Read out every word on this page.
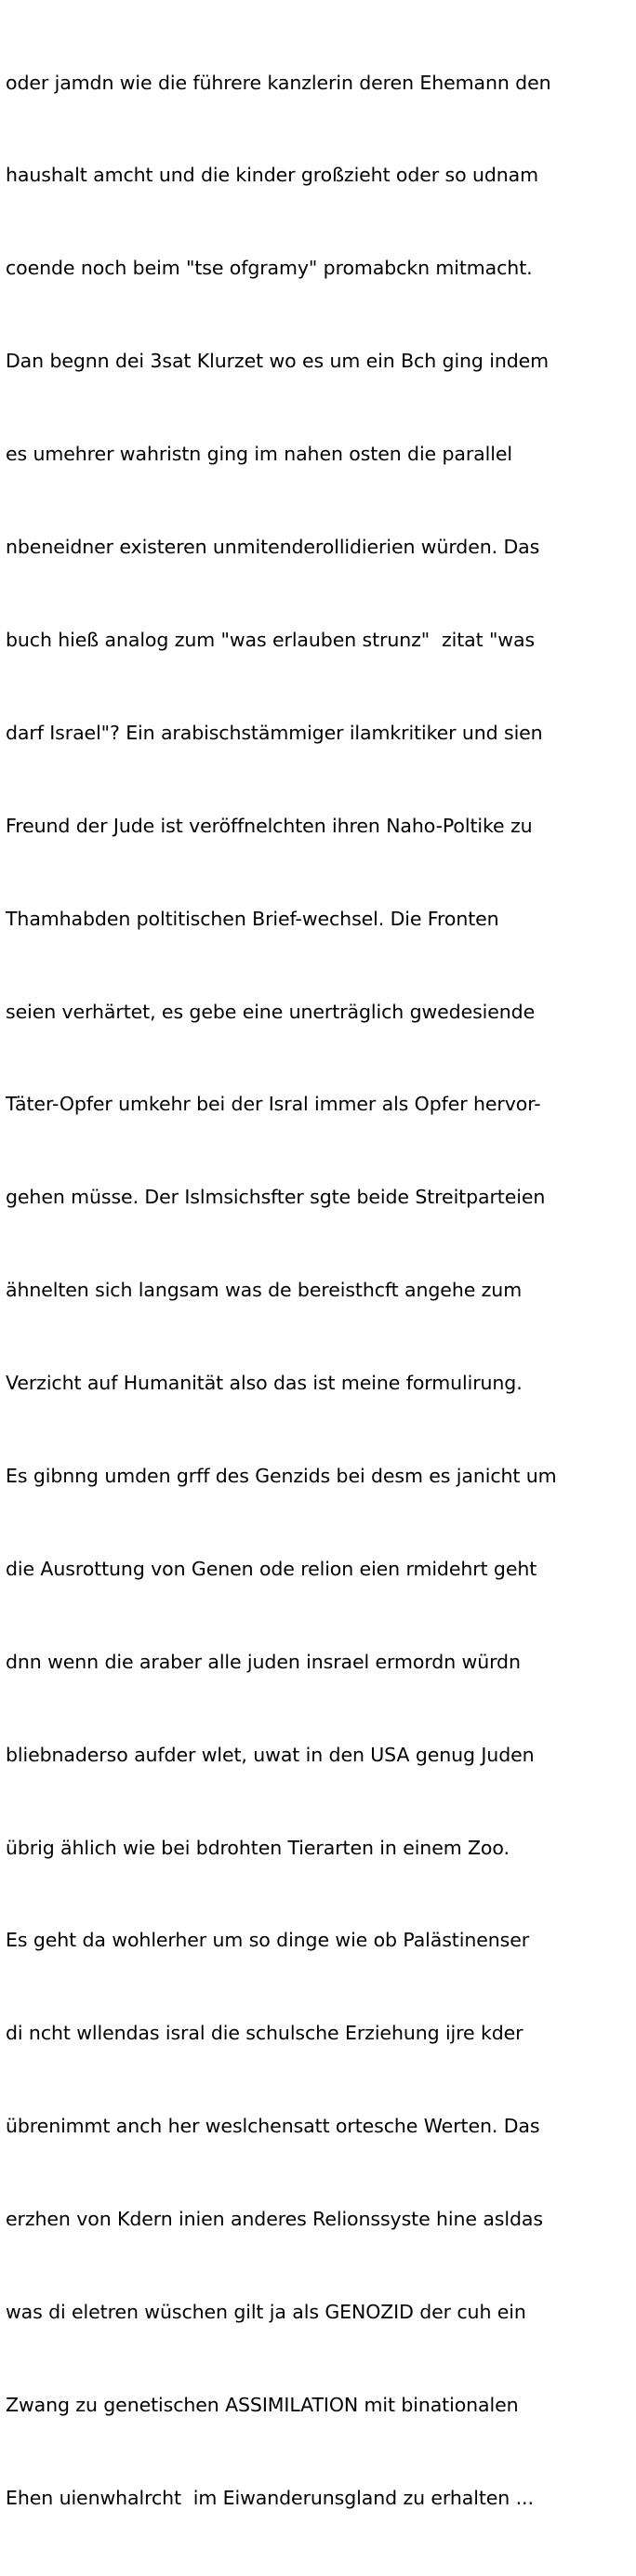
oder jamdn wie die führere kanzlerin deren Ehemann den

haushalt amcht und die kinder großzieht oder so udnam

coende noch beim "tse ofgramy" promabckn mitmacht.

Dan begnn dei 3sat Klurzet wo es um ein Bch ging indem

es umehrer wahristn ging im nahen osten die parallel

nbeneidner existeren unmitenderollidierien würden. Das

buch hieß analog zum "was erlauben strunz"  zitat "was

darf Israel"? Ein arabischstämmiger ilamkritiker und sien

Freund der Jude ist veröffnelchten ihren Naho-Poltike zu

Thamhabden poltitischen Brief-wechsel. Die Fronten

seien verhärtet, es gebe eine unerträglich gwedesiende

Täter-Opfer umkehr bei der Isral immer als Opfer hervor-

gehen müsse. Der Islmsichsfter sgte beide Streitparteien

ähnelten sich langsam was de bereisthcft angehe zum

Verzicht auf Humanität also das ist meine formulirung.

Es gibnng umden grff des Genzids bei desm es janicht um

die Ausrottung von Genen ode relion eien rmidehrt geht

dnn wenn die araber alle juden insrael ermordn würdn

bliebnaderso aufder wlet, uwat in den USA genug Juden

übrig ählich wie bei bdrohten Tierarten in einem Zoo.

Es geht da wohlerher um so dinge wie ob Palästinenser

di ncht wllendas isral die schulsche Erziehung ijre kder

übrenimmt anch her weslchensatt ortesche Werten. Das

erzhen von Kdern inien anderes Relionssyste hine asldas

was di eletren wüschen gilt ja als GENOZID der cuh ein

Zwang zu genetischen ASSIMILATION mit binationalen

Ehen uienwhalrcht  im Eiwanderunsgland zu erhalten ...
